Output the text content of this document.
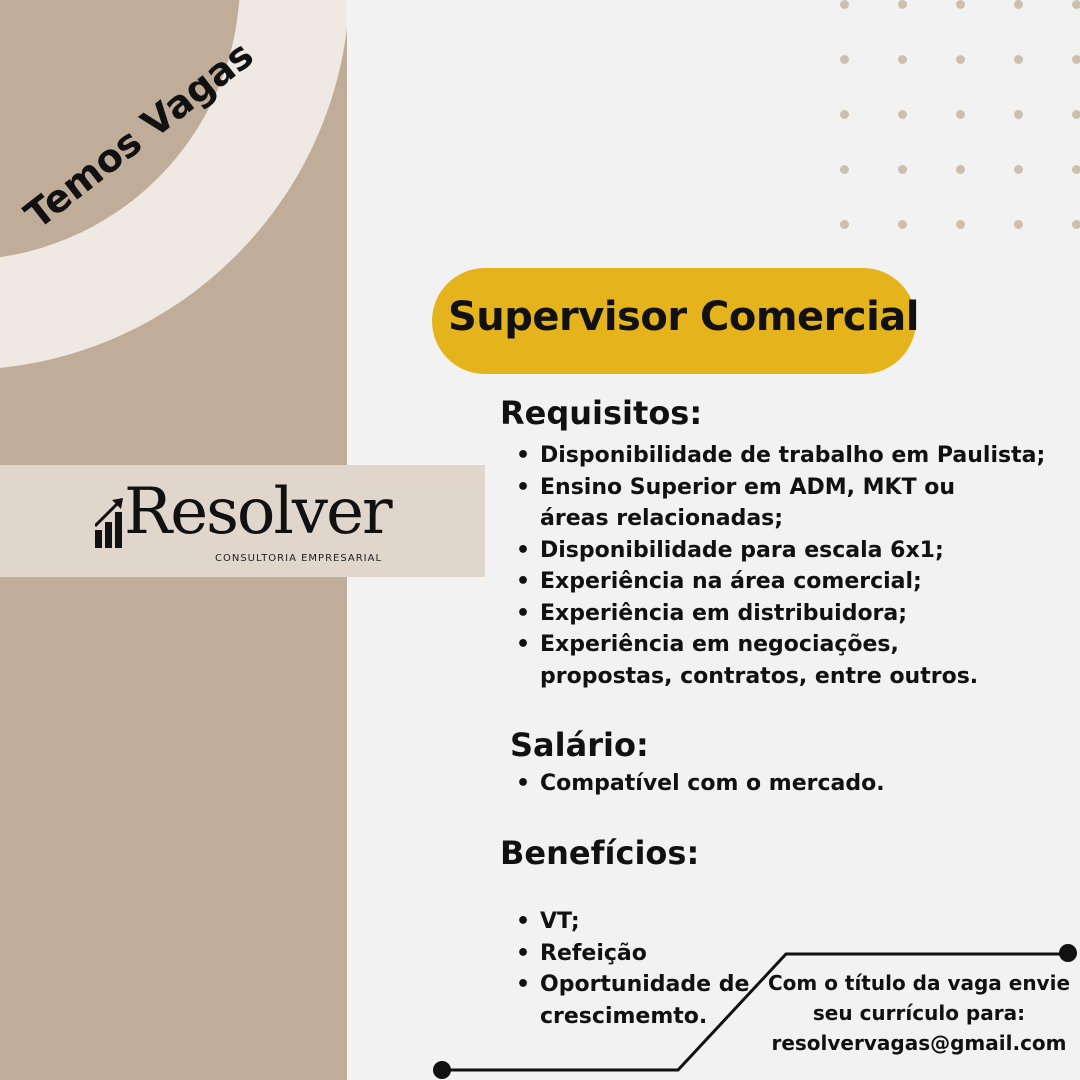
Temos Vagas
Resolver
CONSULTORIA EMPRESARIAL
Supervisor Comercial
Requisitos:
• Disponibilidade de trabalho em Paulista;
• Ensino Superior em ADM, MKT ou áreas relacionadas;
• Disponibilidade para escala 6x1;
• Experiência na área comercial;
• Experiência em distribuidora;
• Experiência em negociações, propostas, contratos, entre outros.
Salário:
• Compatível com o mercado.
Benefícios:
• VT;
• Refeição
• Oportunidade de crescimemto.
Com o título da vaga envie
seu currículo para:
resolvervagas@gmail.com
